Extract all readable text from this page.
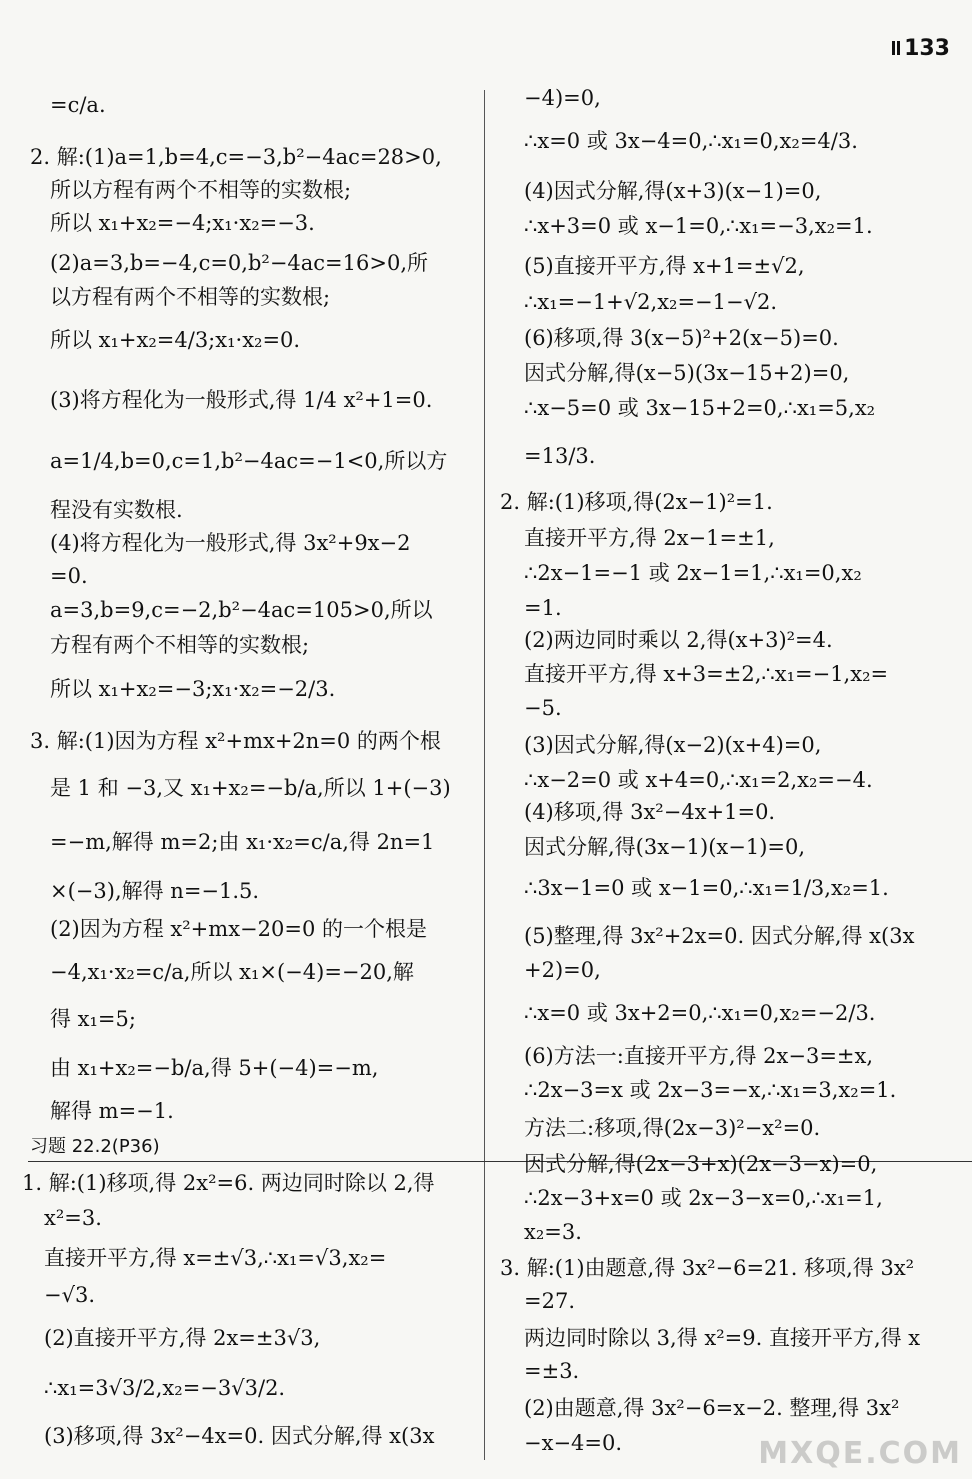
133
=c/a.
2. 解:(1)a=1,b=4,c=−3,b²−4ac=28>0,
所以方程有两个不相等的实数根;
所以 x₁+x₂=−4;x₁·x₂=−3.
(2)a=3,b=−4,c=0,b²−4ac=16>0,所
以方程有两个不相等的实数根;
所以 x₁+x₂=4/3;x₁·x₂=0.
(3)将方程化为一般形式,得 1/4 x²+1=0.
a=1/4,b=0,c=1,b²−4ac=−1<0,所以方
程没有实数根.
(4)将方程化为一般形式,得 3x²+9x−2
=0.
a=3,b=9,c=−2,b²−4ac=105>0,所以
方程有两个不相等的实数根;
所以 x₁+x₂=−3;x₁·x₂=−2/3.
3. 解:(1)因为方程 x²+mx+2n=0 的两个根
是 1 和 −3,又 x₁+x₂=−b/a,所以 1+(−3)
=−m,解得 m=2;由 x₁·x₂=c/a,得 2n=1
×(−3),解得 n=−1.5.
(2)因为方程 x²+mx−20=0 的一个根是
−4,x₁·x₂=c/a,所以 x₁×(−4)=−20,解
得 x₁=5;
由 x₁+x₂=−b/a,得 5+(−4)=−m,
解得 m=−1.
−4)=0,
∴x=0 或 3x−4=0,∴x₁=0,x₂=4/3.
(4)因式分解,得(x+3)(x−1)=0,
∴x+3=0 或 x−1=0,∴x₁=−3,x₂=1.
(5)直接开平方,得 x+1=±√2,
∴x₁=−1+√2,x₂=−1−√2.
(6)移项,得 3(x−5)²+2(x−5)=0.
因式分解,得(x−5)(3x−15+2)=0,
∴x−5=0 或 3x−15+2=0,∴x₁=5,x₂
=13/3.
2. 解:(1)移项,得(2x−1)²=1.
直接开平方,得 2x−1=±1,
∴2x−1=−1 或 2x−1=1,∴x₁=0,x₂
=1.
(2)两边同时乘以 2,得(x+3)²=4.
直接开平方,得 x+3=±2,∴x₁=−1,x₂=
−5.
(3)因式分解,得(x−2)(x+4)=0,
∴x−2=0 或 x+4=0,∴x₁=2,x₂=−4.
(4)移项,得 3x²−4x+1=0.
因式分解,得(3x−1)(x−1)=0,
∴3x−1=0 或 x−1=0,∴x₁=1/3,x₂=1.
(5)整理,得 3x²+2x=0. 因式分解,得 x(3x
+2)=0,
∴x=0 或 3x+2=0,∴x₁=0,x₂=−2/3.
(6)方法一:直接开平方,得 2x−3=±x,
∴2x−3=x 或 2x−3=−x,∴x₁=3,x₂=1.
方法二:移项,得(2x−3)²−x²=0.
因式分解,得(2x−3+x)(2x−3−x)=0,
∴2x−3+x=0 或 2x−3−x=0,∴x₁=1,
x₂=3.
3. 解:(1)由题意,得 3x²−6=21. 移项,得 3x²
=27.
两边同时除以 3,得 x²=9. 直接开平方,得 x
=±3.
(2)由题意,得 3x²−6=x−2. 整理,得 3x²
−x−4=0.
习题 22.2(P36)
1. 解:(1)移项,得 2x²=6. 两边同时除以 2,得
x²=3.
直接开平方,得 x=±√3,∴x₁=√3,x₂=
−√3.
(2)直接开平方,得 2x=±3√3,
∴x₁=3√3/2,x₂=−3√3/2.
(3)移项,得 3x²−4x=0. 因式分解,得 x(3x	MXQE.COM
